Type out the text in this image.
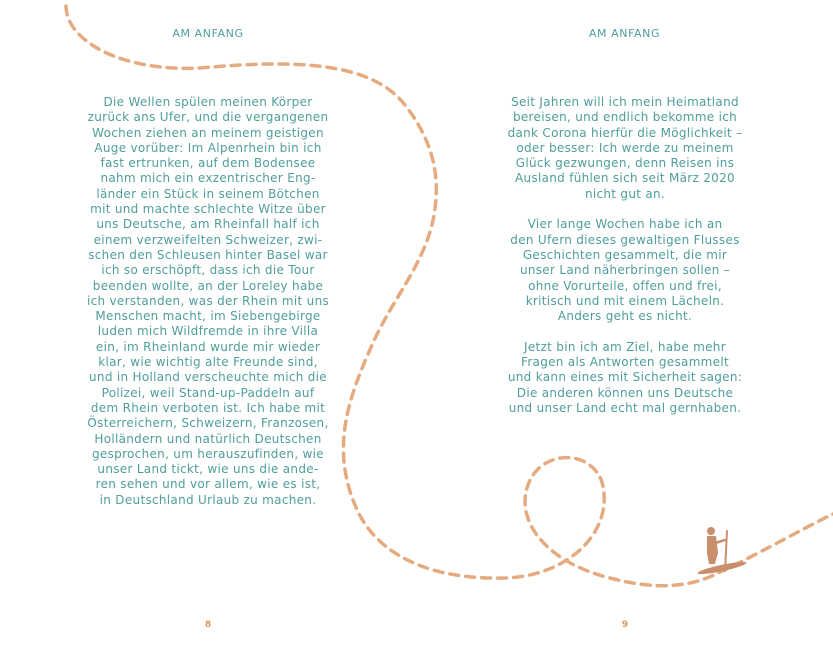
AM ANFANG

Die Wellen spülen meinen Körper
zurück ans Ufer, und die vergangenen
Wochen ziehen an meinem geistigen
Auge vorüber: Im Alpenrhein bin ich
fast ertrunken, auf dem Bodensee
nahm mich ein exzentrischer Eng-
länder ein Stück in seinem Bötchen
mit und machte schlechte Witze über
uns Deutsche, am Rheinfall half ich
einem verzweifelten Schweizer, zwi-
schen den Schleusen hinter Basel war
ich so erschöpft, dass ich die Tour
beenden wollte, an der Loreley habe
ich verstanden, was der Rhein mit uns
Menschen macht, im Siebengebirge
luden mich Wildfremde in ihre Villa
ein, im Rheinland wurde mir wieder
klar, wie wichtig alte Freunde sind,
und in Holland verscheuchte mich die
Polizei, weil Stand-up-Paddeln auf
dem Rhein verboten ist. Ich habe mit
Österreichern, Schweizern, Franzosen,
Holländern und natürlich Deutschen
gesprochen, um herauszufinden, wie
unser Land tickt, wie uns die ande-
ren sehen und vor allem, wie es ist,
in Deutschland Urlaub zu machen.

8
AM ANFANG

Seit Jahren will ich mein Heimatland
bereisen, und endlich bekomme ich
dank Corona hierfür die Möglichkeit –
oder besser: Ich werde zu meinem
Glück gezwungen, denn Reisen ins
Ausland fühlen sich seit März 2020
nicht gut an.

Vier lange Wochen habe ich an
den Ufern dieses gewaltigen Flusses
Geschichten gesammelt, die mir
unser Land näherbringen sollen –
ohne Vorurteile, offen und frei,
kritisch und mit einem Lächeln.
Anders geht es nicht.

Jetzt bin ich am Ziel, habe mehr
Fragen als Antworten gesammelt
und kann eines mit Sicherheit sagen:
Die anderen können uns Deutsche
und unser Land echt mal gernhaben.

9
